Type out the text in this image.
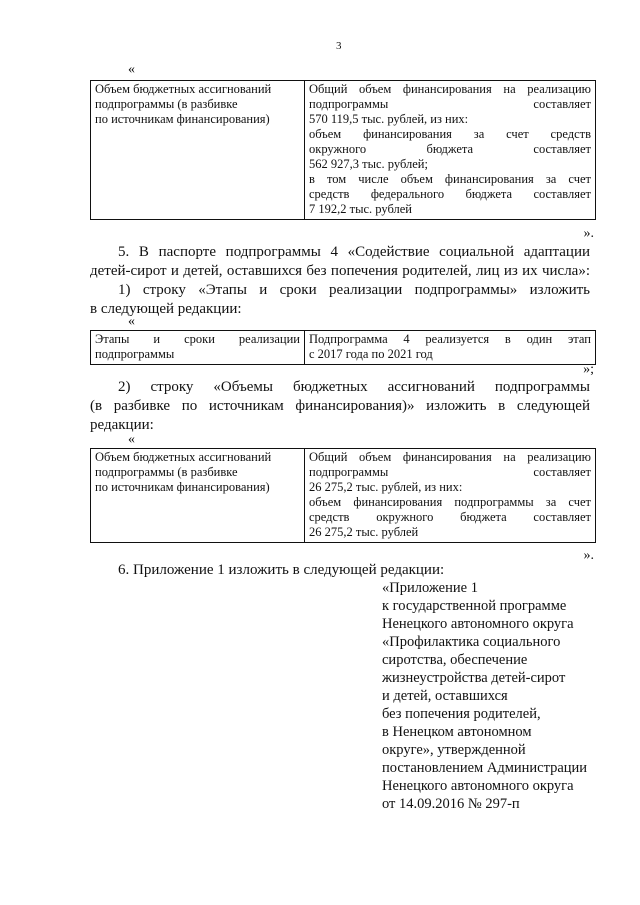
3

«

Объем бюджетных ассигнований
подпрограммы (в разбивке
по источникам финансирования)

Общий объем финансирования на реализацию
подпрограммы составляет
570 119,5 тыс. рублей, из них:
объем финансирования за счет средств
окружного бюджета составляет
562 927,3 тыс. рублей;
в том числе объем финансирования за счет
средств федерального бюджета составляет
7 192,2 тыс. рублей

».

5. В паспорте подпрограммы 4 «Содействие социальной адаптации
детей-сирот и детей, оставшихся без попечения родителей, лиц из их числа»:
1) строку «Этапы и сроки реализации подпрограммы» изложить
в следующей редакции:

«

Этапы и сроки реализации
подпрограммы

Подпрограмма 4 реализуется в один этап
с 2017 года по 2021 год

»;

2) строку «Объемы бюджетных ассигнований подпрограммы
(в разбивке по источникам финансирования)» изложить в следующей
редакции:

«

Объем бюджетных ассигнований
подпрограммы (в разбивке
по источникам финансирования)

Общий объем финансирования на реализацию
подпрограммы составляет
26 275,2 тыс. рублей, из них:
объем финансирования подпрограммы за счет
средств окружного бюджета составляет
26 275,2 тыс. рублей

».

6. Приложение 1 изложить в следующей редакции:
«Приложение 1
к государственной программе
Ненецкого автономного округа
«Профилактика социального
сиротства, обеспечение
жизнеустройства детей-сирот
и детей, оставшихся
без попечения родителей,
в Ненецком автономном
округе», утвержденной
постановлением Администрации
Ненецкого автономного округа
от 14.09.2016 № 297-п
